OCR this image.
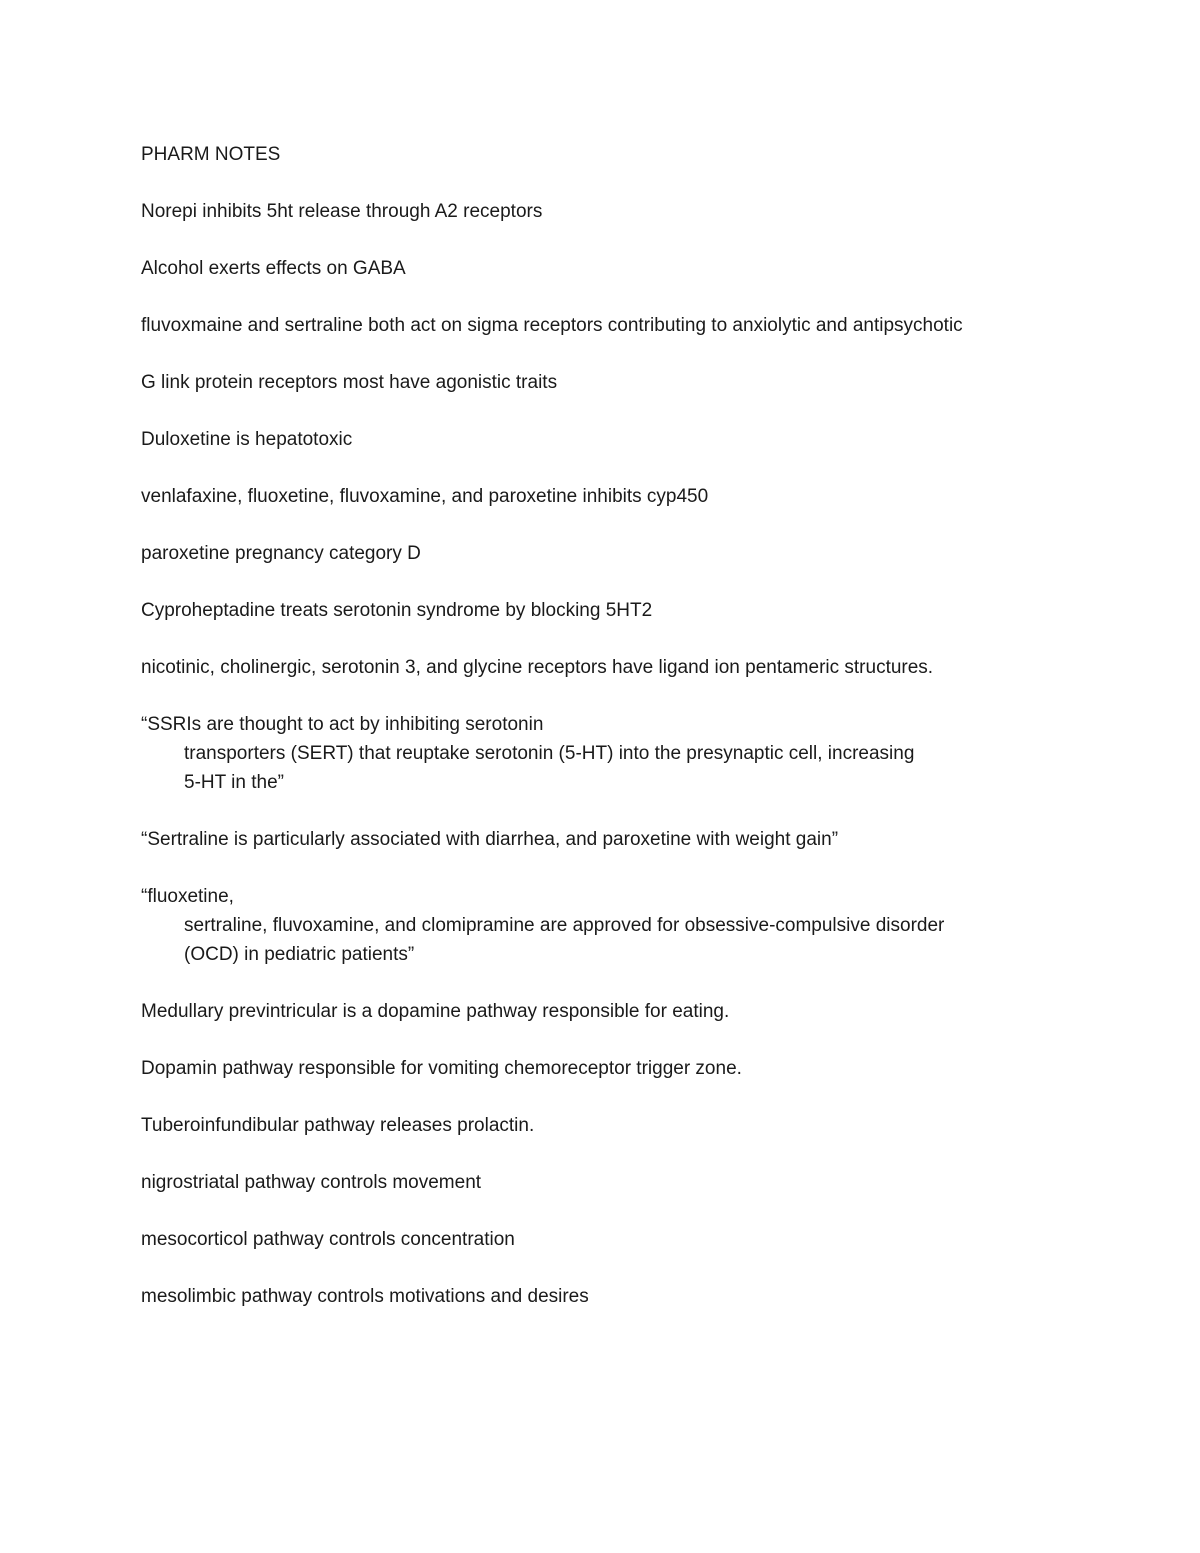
PHARM NOTES

Norepi inhibits 5ht release through A2 receptors

Alcohol exerts effects on GABA

fluvoxmaine and sertraline both act on sigma receptors contributing to anxiolytic and antipsychotic

G link protein receptors most have agonistic traits

Duloxetine is hepatotoxic

venlafaxine, fluoxetine, fluvoxamine, and paroxetine inhibits cyp450

paroxetine pregnancy category D

Cyproheptadine treats serotonin syndrome by blocking 5HT2

nicotinic, cholinergic, serotonin 3, and glycine receptors have ligand ion pentameric structures.

“SSRIs are thought to act by inhibiting serotonin
transporters (SERT) that reuptake serotonin (5-HT) into the presynaptic cell, increasing
5-HT in the”

“Sertraline is particularly associated with diarrhea, and paroxetine with weight gain”

“fluoxetine,
sertraline, fluvoxamine, and clomipramine are approved for obsessive-compulsive disorder
(OCD) in pediatric patients”

Medullary previntricular is a dopamine pathway responsible for eating.

Dopamin pathway responsible for vomiting chemoreceptor trigger zone.

Tuberoinfundibular pathway releases prolactin.

nigrostriatal pathway controls movement

mesocorticol pathway controls concentration

mesolimbic pathway controls motivations and desires
